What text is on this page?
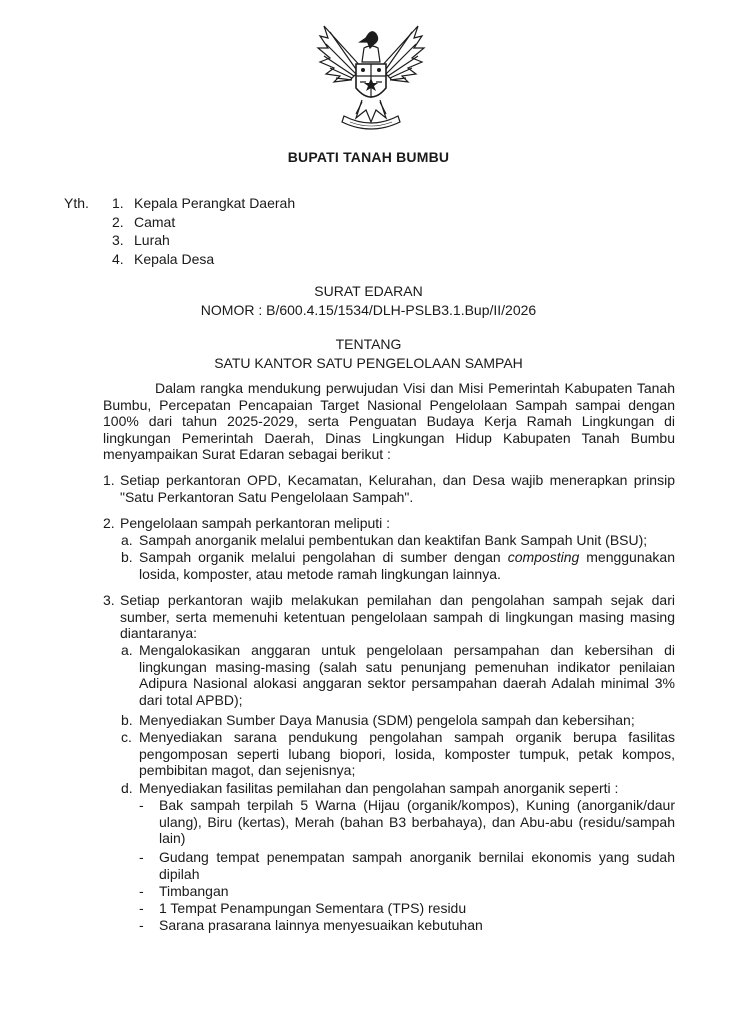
BUPATI TANAH BUMBU
Yth. 1. Kepala Perangkat Daerah
2. Camat
3. Lurah
4. Kepala Desa
SURAT EDARAN
NOMOR : B/600.4.15/1534/DLH-PSLB3.1.Bup/II/2026
TENTANG
SATU KANTOR SATU PENGELOLAAN SAMPAH
Dalam rangka mendukung perwujudan Visi dan Misi Pemerintah Kabupaten Tanah Bumbu, Percepatan Pencapaian Target Nasional Pengelolaan Sampah sampai dengan 100% dari tahun 2025-2029, serta Penguatan Budaya Kerja Ramah Lingkungan di lingkungan Pemerintah Daerah, Dinas Lingkungan Hidup Kabupaten Tanah Bumbu menyampaikan Surat Edaran sebagai berikut :
1. Setiap perkantoran OPD, Kecamatan, Kelurahan, dan Desa wajib menerapkan prinsip "Satu Perkantoran Satu Pengelolaan Sampah".
2. Pengelolaan sampah perkantoran meliputi :
a. Sampah anorganik melalui pembentukan dan keaktifan Bank Sampah Unit (BSU);
b. Sampah organik melalui pengolahan di sumber dengan composting menggunakan losida, komposter, atau metode ramah lingkungan lainnya.
3. Setiap perkantoran wajib melakukan pemilahan dan pengolahan sampah sejak dari sumber, serta memenuhi ketentuan pengelolaan sampah di lingkungan masing masing diantaranya:
a. Mengalokasikan anggaran untuk pengelolaan persampahan dan kebersihan di lingkungan masing-masing (salah satu penunjang pemenuhan indikator penilaian Adipura Nasional alokasi anggaran sektor persampahan daerah Adalah minimal 3% dari total APBD);
b. Menyediakan Sumber Daya Manusia (SDM) pengelola sampah dan kebersihan;
c. Menyediakan sarana pendukung pengolahan sampah organik berupa fasilitas pengomposan seperti lubang biopori, losida, komposter tumpuk, petak kompos, pembibitan magot, dan sejenisnya;
d. Menyediakan fasilitas pemilahan dan pengolahan sampah anorganik seperti :
-	Bak sampah terpilah 5 Warna (Hijau (organik/kompos), Kuning (anorganik/daur ulang), Biru (kertas), Merah (bahan B3 berbahaya), dan Abu-abu (residu/sampah lain)
-	Gudang tempat penempatan sampah anorganik bernilai ekonomis yang sudah dipilah
-	Timbangan
-	1 Tempat Penampungan Sementara (TPS) residu
-	Sarana prasarana lainnya menyesuaikan kebutuhan
